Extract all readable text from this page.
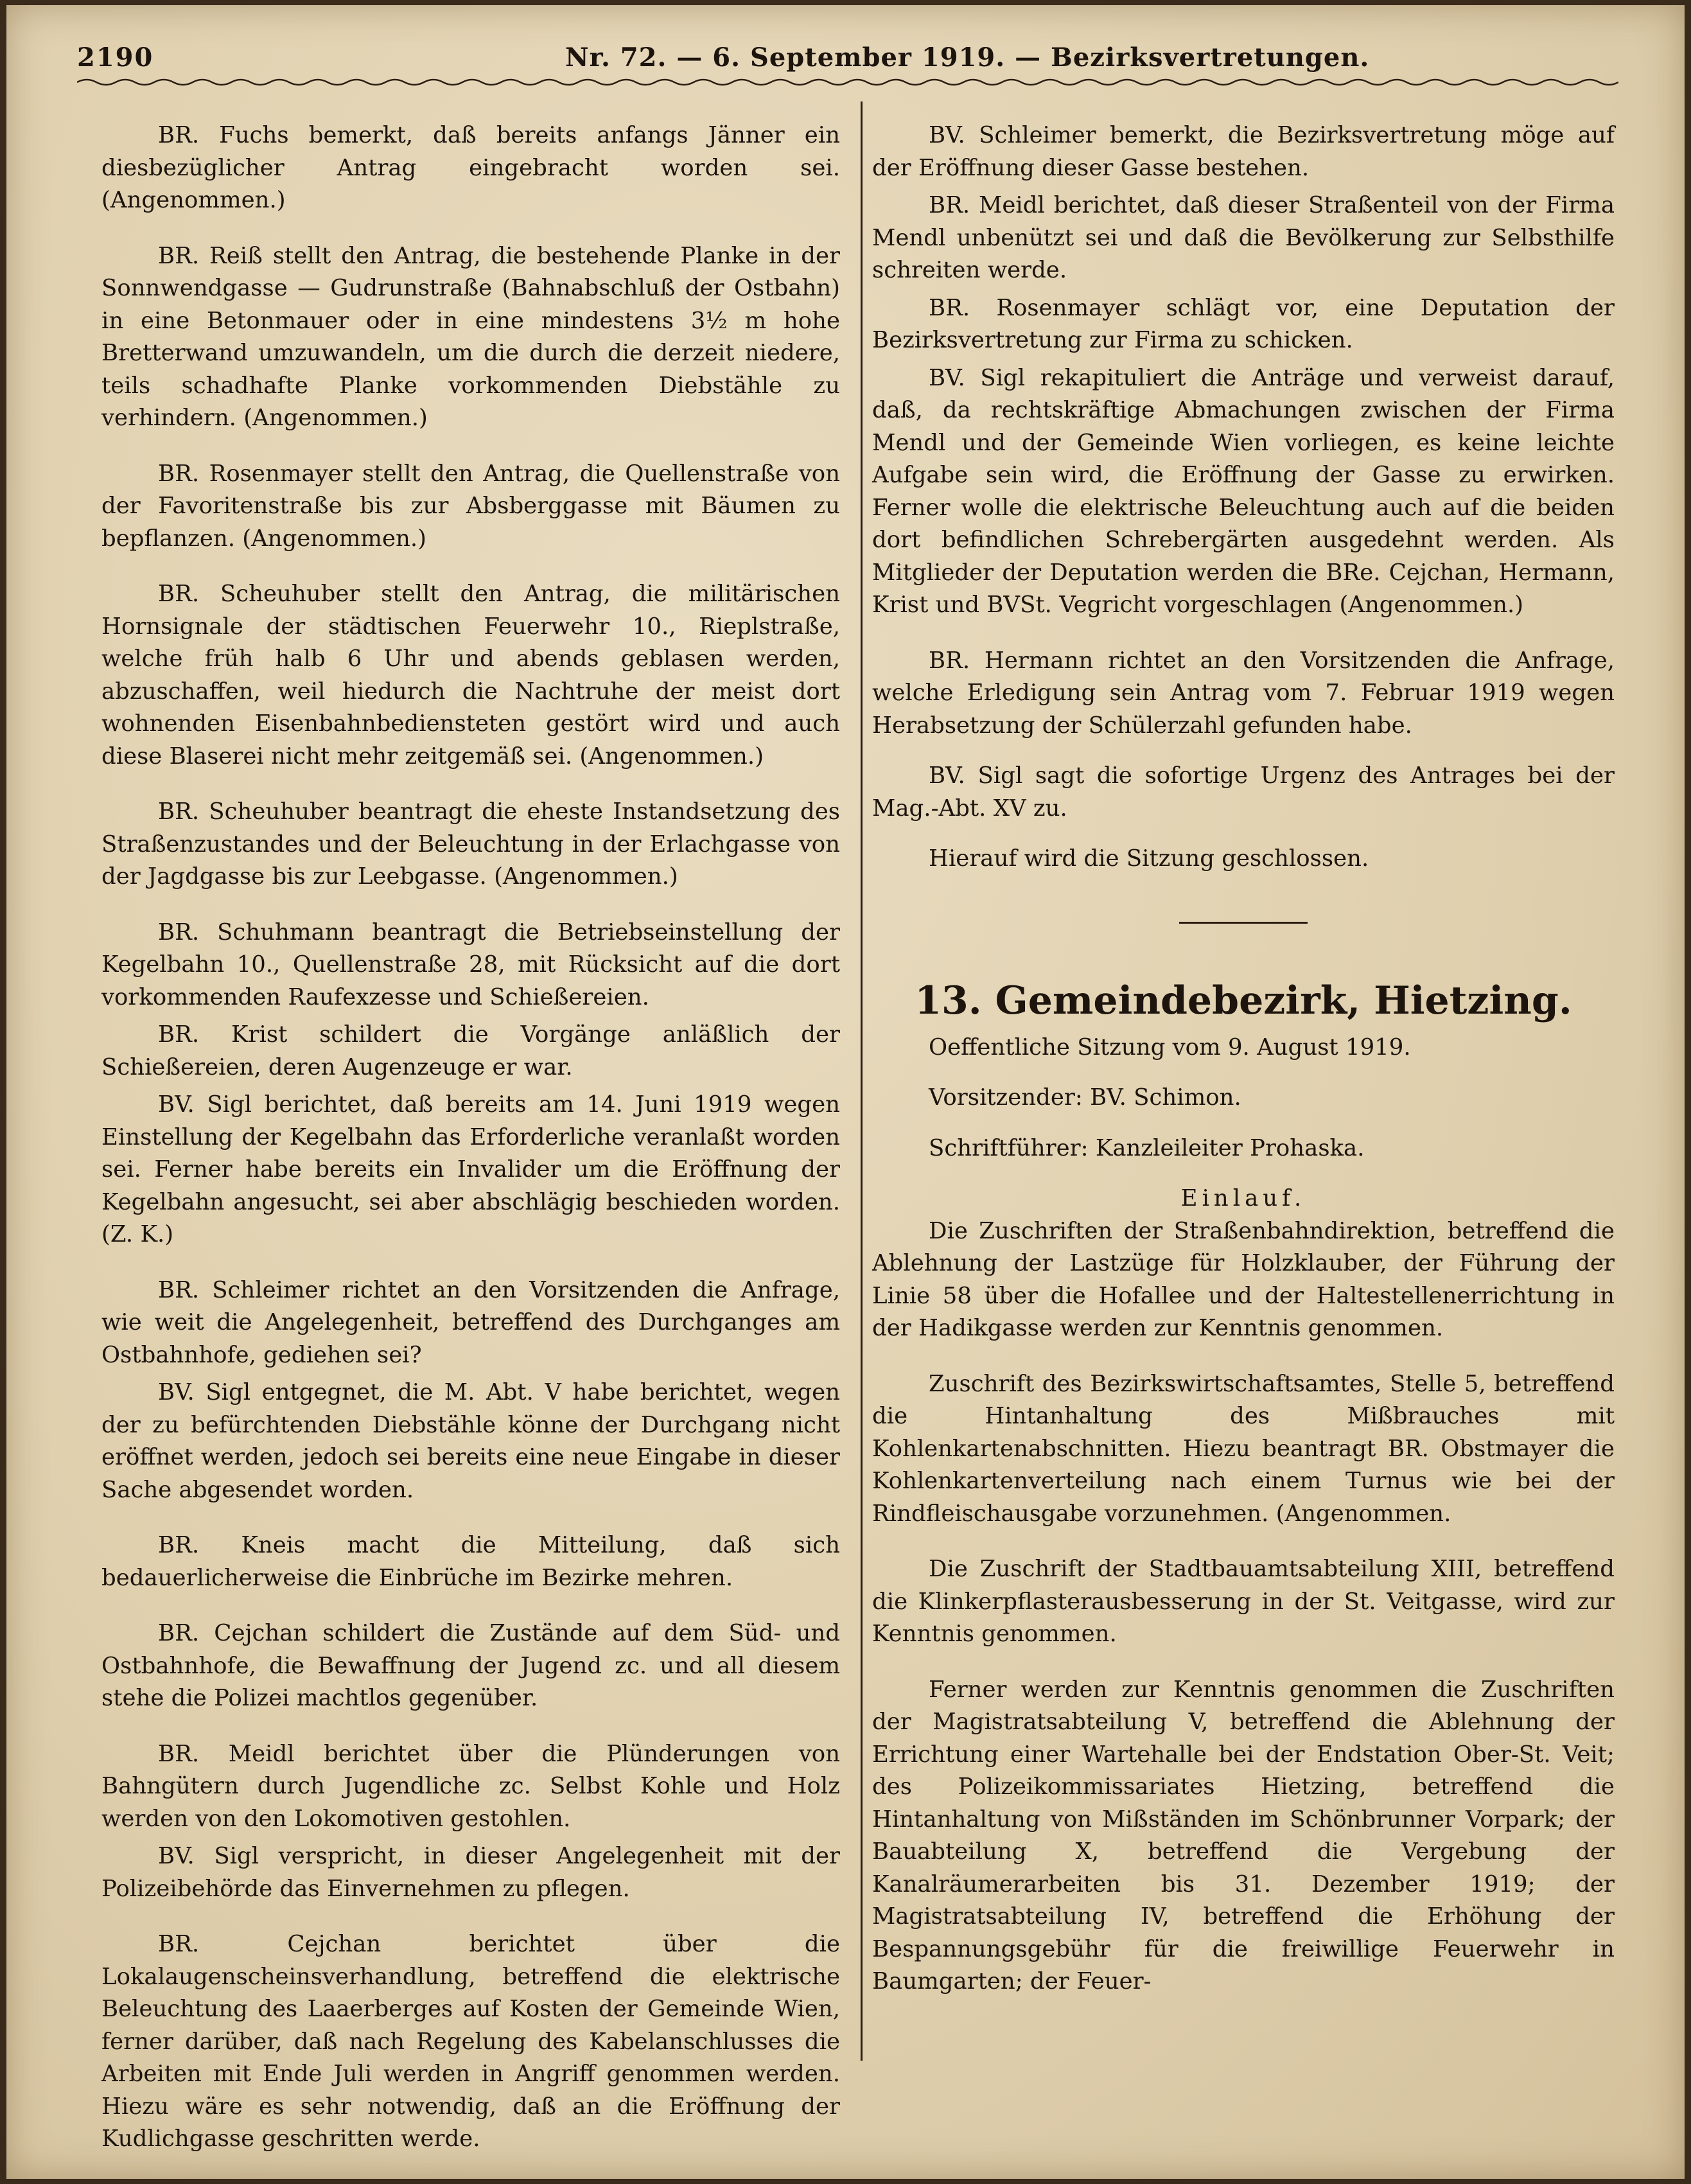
2190	Nr. 72. — 6. September 1919. — Bezirksvertretungen.

BR. Fuchs bemerkt, daß bereits anfangs Jänner ein diesbezüglicher Antrag eingebracht worden sei. (Angenommen.)

BR. Reiß stellt den Antrag, die bestehende Planke in der Sonnwendgasse — Gudrunstraße (Bahnabschluß der Ostbahn) in eine Betonmauer oder in eine mindestens 3½ m hohe Bretterwand umzuwandeln, um die durch die derzeit niedere, teils schadhafte Planke vorkommenden Diebstähle zu verhindern. (Angenommen.)

BR. Rosenmayer stellt den Antrag, die Quellenstraße von der Favoritenstraße bis zur Absberggasse mit Bäumen zu bepflanzen. (Angenommen.)

BR. Scheuhuber stellt den Antrag, die militärischen Hornsignale der städtischen Feuerwehr 10., Rieplstraße, welche früh halb 6 Uhr und abends geblasen werden, abzuschaffen, weil hiedurch die Nachtruhe der meist dort wohnenden Eisenbahnbediensteten gestört wird und auch diese Blaserei nicht mehr zeitgemäß sei. (Angenommen.)

BR. Scheuhuber beantragt die eheste Instandsetzung des Straßenzustandes und der Beleuchtung in der Erlachgasse von der Jagdgasse bis zur Leebgasse. (Angenommen.)

BR. Schuhmann beantragt die Betriebseinstellung der Kegelbahn 10., Quellenstraße 28, mit Rücksicht auf die dort vorkommenden Raufexzesse und Schießereien.

BR. Krist schildert die Vorgänge anläßlich der Schießereien, deren Augenzeuge er war.

BV. Sigl berichtet, daß bereits am 14. Juni 1919 wegen Einstellung der Kegelbahn das Erforderliche veranlaßt worden sei. Ferner habe bereits ein Invalider um die Eröffnung der Kegelbahn angesucht, sei aber abschlägig beschieden worden. (Z. K.)

BR. Schleimer richtet an den Vorsitzenden die Anfrage, wie weit die Angelegenheit, betreffend des Durchganges am Ostbahnhofe, gediehen sei?

BV. Sigl entgegnet, die M. Abt. V habe berichtet, wegen der zu befürchtenden Diebstähle könne der Durchgang nicht eröffnet werden, jedoch sei bereits eine neue Eingabe in dieser Sache abgesendet worden.

BR. Kneis macht die Mitteilung, daß sich bedauerlicherweise die Einbrüche im Bezirke mehren.

BR. Cejchan schildert die Zustände auf dem Süd- und Ostbahnhofe, die Bewaffnung der Jugend zc. und all diesem stehe die Polizei machtlos gegenüber.

BR. Meidl berichtet über die Plünderungen von Bahngütern durch Jugendliche zc. Selbst Kohle und Holz werden von den Lokomotiven gestohlen.

BV. Sigl verspricht, in dieser Angelegenheit mit der Polizeibehörde das Einvernehmen zu pflegen.

BR. Cejchan berichtet über die Lokalaugenscheinsverhandlung, betreffend die elektrische Beleuchtung des Laaerberges auf Kosten der Gemeinde Wien, ferner darüber, daß nach Regelung des Kabelanschlusses die Arbeiten mit Ende Juli werden in Angriff genommen werden. Hiezu wäre es sehr notwendig, daß an die Eröffnung der Kudlichgasse geschritten werde.

BV. Schleimer bemerkt, die Bezirksvertretung möge auf der Eröffnung dieser Gasse bestehen.

BR. Meidl berichtet, daß dieser Straßenteil von der Firma Mendl unbenützt sei und daß die Bevölkerung zur Selbsthilfe schreiten werde.

BR. Rosenmayer schlägt vor, eine Deputation der Bezirksvertretung zur Firma zu schicken.

BV. Sigl rekapituliert die Anträge und verweist darauf, daß, da rechtskräftige Abmachungen zwischen der Firma Mendl und der Gemeinde Wien vorliegen, es keine leichte Aufgabe sein wird, die Eröffnung der Gasse zu erwirken. Ferner wolle die elektrische Beleuchtung auch auf die beiden dort befindlichen Schrebergärten ausgedehnt werden. Als Mitglieder der Deputation werden die BRe. Cejchan, Hermann, Krist und BVSt. Vegricht vorgeschlagen (Angenommen.)

BR. Hermann richtet an den Vorsitzenden die Anfrage, welche Erledigung sein Antrag vom 7. Februar 1919 wegen Herabsetzung der Schülerzahl gefunden habe.

BV. Sigl sagt die sofortige Urgenz des Antrages bei der Mag.-Abt. XV zu.

Hierauf wird die Sitzung geschlossen.

13. Gemeindebezirk, Hietzing.

Oeffentliche Sitzung vom 9. August 1919.

Vorsitzender: BV. Schimon.

Schriftführer: Kanzleileiter Prohaska.

Einlauf.

Die Zuschriften der Straßenbahndirektion, betreffend die Ablehnung der Lastzüge für Holzklauber, der Führung der Linie 58 über die Hofallee und der Haltestellenerrichtung in der Hadikgasse werden zur Kenntnis genommen.

Zuschrift des Bezirkswirtschaftsamtes, Stelle 5, betreffend die Hintanhaltung des Mißbrauches mit Kohlenkartenabschnitten. Hiezu beantragt BR. Obstmayer die Kohlenkartenverteilung nach einem Turnus wie bei der Rindfleischausgabe vorzunehmen. (Angenommen.

Die Zuschrift der Stadtbauamtsabteilung XIII, betreffend die Klinkerpflasterausbesserung in der St. Veitgasse, wird zur Kenntnis genommen.

Ferner werden zur Kenntnis genommen die Zuschriften der Magistratsabteilung V, betreffend die Ablehnung der Errichtung einer Wartehalle bei der Endstation Ober-St. Veit; des Polizeikommissariates Hietzing, betreffend die Hintanhaltung von Mißständen im Schönbrunner Vorpark; der Bauabteilung X, betreffend die Vergebung der Kanalräumerarbeiten bis 31. Dezember 1919; der Magistratsabteilung IV, betreffend die Erhöhung der Bespannungsgebühr für die freiwillige Feuerwehr in Baumgarten; der Feuer-
